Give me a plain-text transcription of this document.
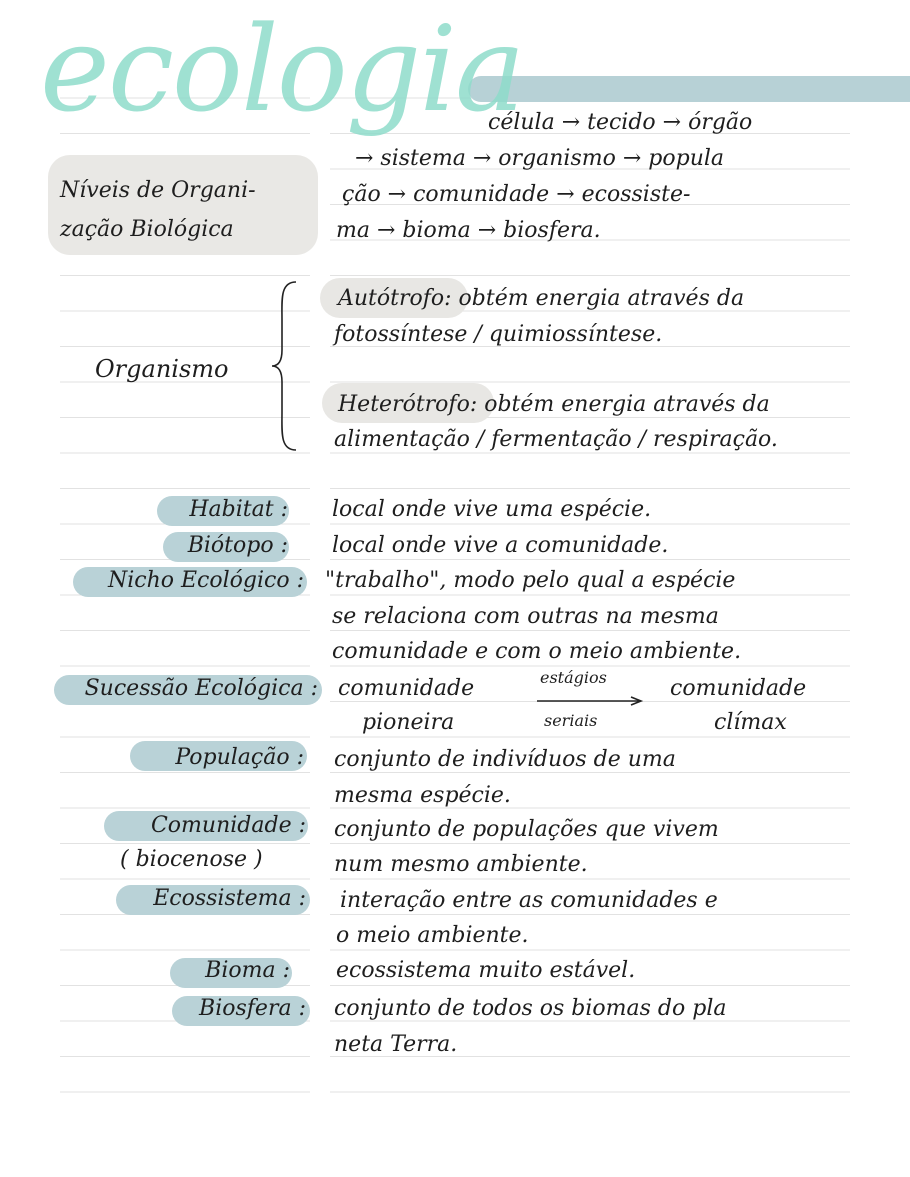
ecologia
Níveis de Organi-
zação Biológica
célula → tecido → órgão
→ sistema → organismo → popula
ção → comunidade → ecossiste-
ma → bioma → biosfera.
Organismo
Autótrofo: obtém energia através da
fotossíntese / quimiossíntese.
Heterótrofo: obtém energia através da
alimentação / fermentação / respiração.
Habitat : local onde vive uma espécie.
Biótopo : local onde vive a comunidade.
Nicho Ecológico : "trabalho", modo pelo qual a espécie
se relaciona com outras na mesma
comunidade e com o meio ambiente.
Sucessão Ecológica : comunidade
pioneira
estágios
seriais
comunidade
clímax
População : conjunto de indivíduos de uma
mesma espécie.
Comunidade :
( biocenose )
conjunto de populações que vivem
num mesmo ambiente.
Ecossistema : interação entre as comunidades e
o meio ambiente.
Bioma : ecossistema muito estável.
Biosfera : conjunto de todos os biomas do pla
neta Terra.
